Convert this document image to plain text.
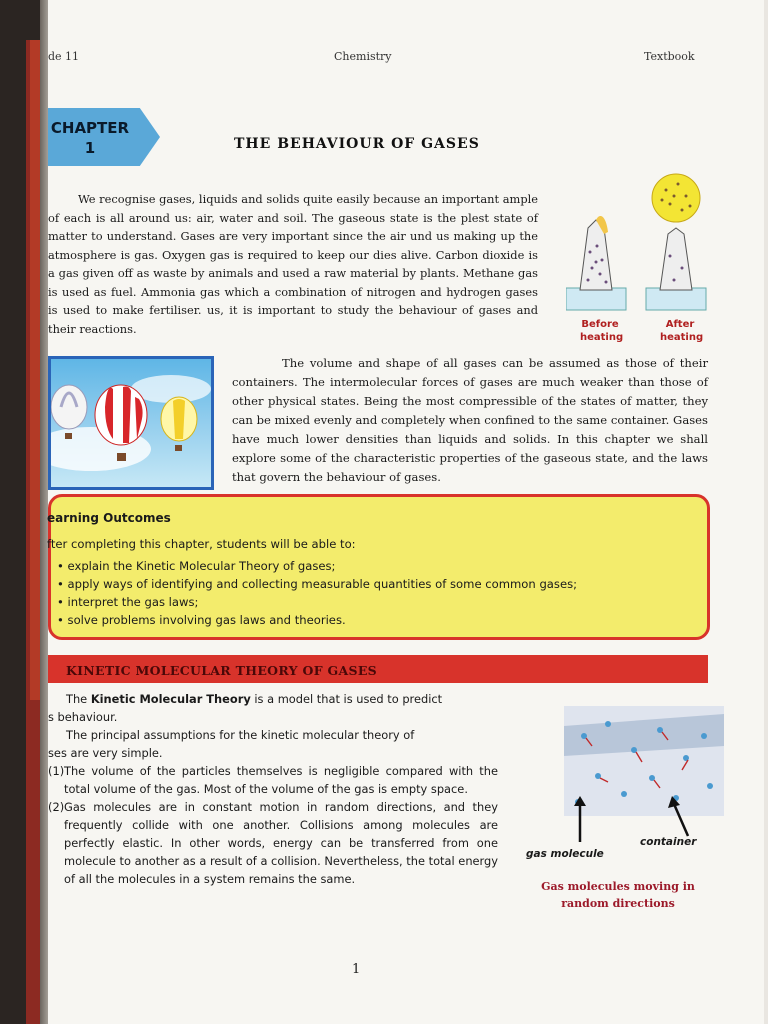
de 11	Chemistry	Textbook
CHAPTER
1	THE BEHAVIOUR OF GASES
We recognise gases, liquids and solids quite easily because an important ample of each is all around us: air, water and soil. The gaseous state is the plest state of matter to understand. Gases are very important since the air und us making up the atmosphere is gas. Oxygen gas is required to keep our dies alive. Carbon dioxide is a gas given off as waste by animals and used a raw material by plants. Methane gas is used as fuel. Ammonia gas which a combination of nitrogen and hydrogen gases is used to make fertiliser. us, it is important to study the behaviour of gases and their reactions.	Before
heating
After
heating
The volume and shape of all gases can be assumed as those of their containers. The intermolecular forces of gases are much weaker than those of other physical states. Being the most compressible of the states of matter, they can be mixed evenly and completely when confined to the same container. Gases have much lower densities than liquids and solids. In this chapter we shall explore some of the characteristic properties of the gaseous state, and the laws that govern the behaviour of gases.
earning Outcomes
fter completing this chapter, students will be able to:
• explain the Kinetic Molecular Theory of gases;
• apply ways of identifying and collecting measurable quantities of some common gases;
• interpret the gas laws;
• solve problems involving gas laws and theories.
KINETIC MOLECULAR THEORY OF GASES

The Kinetic Molecular Theory is a model that is used to predict

s behaviour.

The principal assumptions for the kinetic molecular theory of

ses are very simple.

(1) The volume of the particles themselves is negligible compared with the total volume of the gas. Most of the volume of the gas is empty space.
(2) Gas molecules are in constant motion in random directions, and they frequently collide with one another. Collisions among molecules are perfectly elastic. In other words, energy can be transferred from one molecule to another as a result of a collision. Nevertheless, the total energy of all the molecules in a system remains the same.
gas molecule
container
Gas molecules moving in random directions
1
